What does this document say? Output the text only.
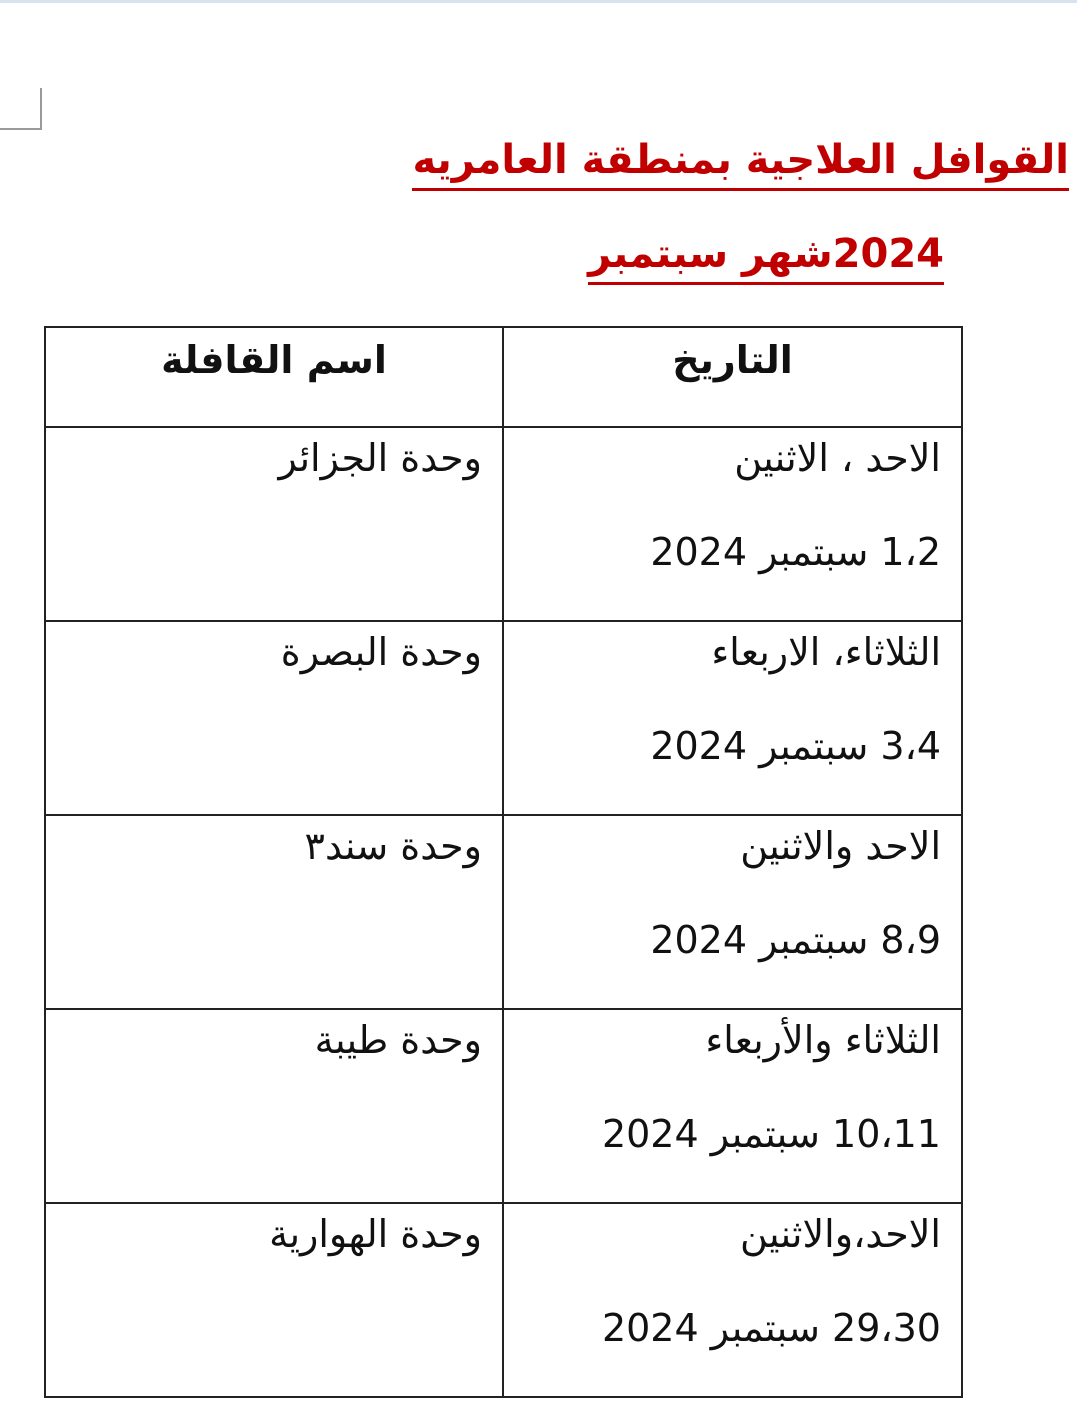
القوافل العلاجية بمنطقة العامريه
2024شهر سبتمبر
التاريخ	اسم القافلة

الاحد ، الاثنين
1،2 سبتمبر 2024	وحدة الجزائر

الثلاثاء، الاربعاء
3،4 سبتمبر 2024	وحدة البصرة

الاحد والاثنين
8،9 سبتمبر 2024	وحدة سند٣

الثلاثاء والأربعاء
10،11 سبتمبر 2024	وحدة طيبة

الاحد،والاثنين
29،30 سبتمبر 2024	وحدة الهوارية
